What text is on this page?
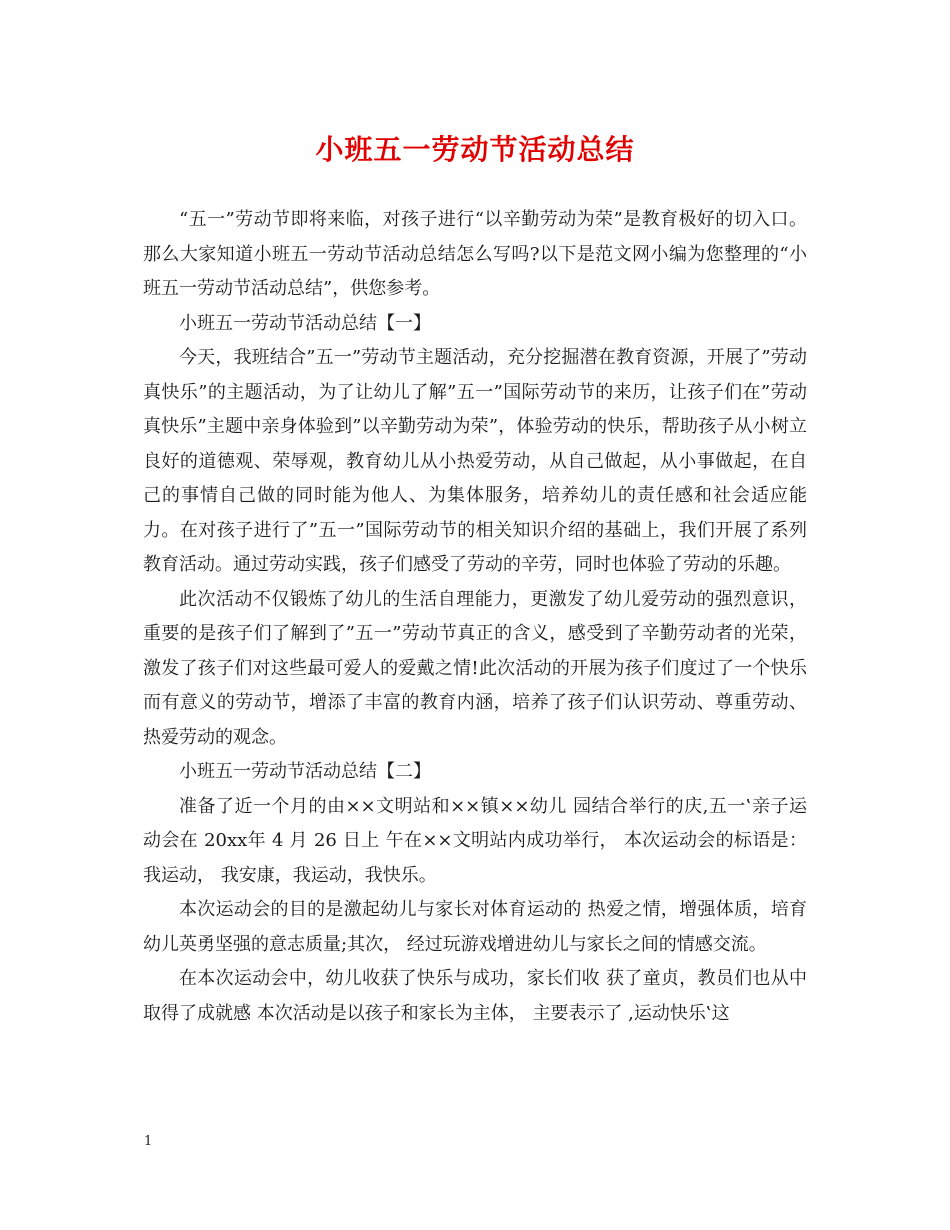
小班五一劳动节活动总结

“五一”劳动节即将来临，对孩子进行“以辛勤劳动为荣”是教育极好的切入口。那么大家知道小班五一劳动节活动总结怎么写吗?以下是范文网小编为您整理的“小班五一劳动节活动总结”，供您参考。

小班五一劳动节活动总结【一】

今天，我班结合”五一”劳动节主题活动，充分挖掘潜在教育资源，开展了”劳动真快乐”的主题活动，为了让幼儿了解”五一”国际劳动节的来历，让孩子们在”劳动真快乐”主题中亲身体验到”以辛勤劳动为荣”，体验劳动的快乐，帮助孩子从小树立良好的道德观、荣辱观，教育幼儿从小热爱劳动，从自己做起，从小事做起，在自己的事情自己做的同时能为他人、为集体服务，培养幼儿的责任感和社会适应能力。在对孩子进行了”五一”国际劳动节的相关知识介绍的基础上，我们开展了系列教育活动。通过劳动实践，孩子们感受了劳动的辛劳，同时也体验了劳动的乐趣。

此次活动不仅锻炼了幼儿的生活自理能力，更激发了幼儿爱劳动的强烈意识，重要的是孩子们了解到了”五一”劳动节真正的含义，感受到了辛勤劳动者的光荣，激发了孩子们对这些最可爱人的爱戴之情!此次活动的开展为孩子们度过了一个快乐而有意义的劳动节，增添了丰富的教育内涵，培养了孩子们认识劳动、尊重劳动、热爱劳动的观念。

小班五一劳动节活动总结【二】

准备了近一个月的由××文明站和××镇××幼儿 园结合举行的庆,五一‛亲子运动会在 20xx年 4 月 26 日上 午在××文明站内成功举行， 本次运动会的标语是： 我运动， 我安康，我运动，我快乐。

本次运动会的目的是激起幼儿与家长对体育运动的 热爱之情，增强体质，培育幼儿英勇坚强的意志质量;其次， 经过玩游戏增进幼儿与家长之间的情感交流。

在本次运动会中，幼儿收获了快乐与成功，家长们收 获了童贞，教员们也从中取得了成就感 本次活动是以孩子和家长为主体， 主要表示了 ,运动快乐‛这

1
